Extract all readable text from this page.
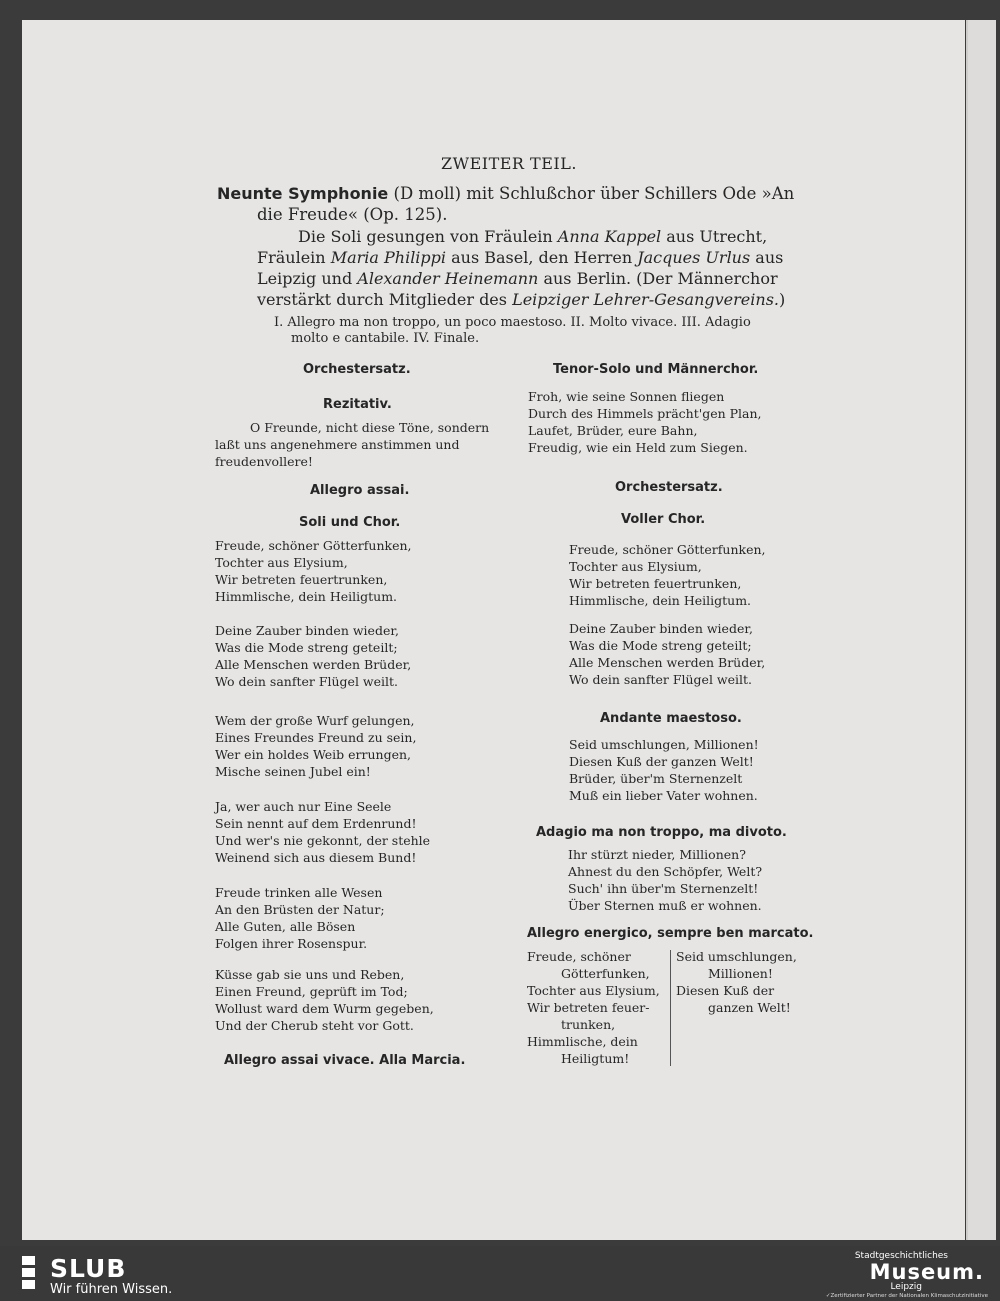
ZWEITER TEIL.
Neunte Symphonie (D moll) mit Schlußchor über Schillers Ode »An
die Freude« (Op. 125).
Die Soli gesungen von Fräulein Anna Kappel aus Utrecht,
Fräulein Maria Philippi aus Basel, den Herren Jacques Urlus aus
Leipzig und Alexander Heinemann aus Berlin. (Der Männerchor
verstärkt durch Mitglieder des Leipziger Lehrer-Gesangvereins.)
I. Allegro ma non troppo, un poco maestoso. II. Molto vivace. III. Adagio
molto e cantabile. IV. Finale.
Orchestersatz.
Rezitativ.
O Freunde, nicht diese Töne, sondern
laßt uns angenehmere anstimmen und
freudenvollere!
Allegro assai.
Soli und Chor.
Freude, schöner Götterfunken,
Tochter aus Elysium,
Wir betreten feuertrunken,
Himmlische, dein Heiligtum.
Deine Zauber binden wieder,
Was die Mode streng geteilt;
Alle Menschen werden Brüder,
Wo dein sanfter Flügel weilt.
Wem der große Wurf gelungen,
Eines Freundes Freund zu sein,
Wer ein holdes Weib errungen,
Mische seinen Jubel ein!
Ja, wer auch nur Eine Seele
Sein nennt auf dem Erdenrund!
Und wer's nie gekonnt, der stehle
Weinend sich aus diesem Bund!
Freude trinken alle Wesen
An den Brüsten der Natur;
Alle Guten, alle Bösen
Folgen ihrer Rosenspur.
Küsse gab sie uns und Reben,
Einen Freund, geprüft im Tod;
Wollust ward dem Wurm gegeben,
Und der Cherub steht vor Gott.
Allegro assai vivace. Alla Marcia.
Tenor-Solo und Männerchor.
Froh, wie seine Sonnen fliegen
Durch des Himmels prächt'gen Plan,
Laufet, Brüder, eure Bahn,
Freudig, wie ein Held zum Siegen.
Orchestersatz.
Voller Chor.
Freude, schöner Götterfunken,
Tochter aus Elysium,
Wir betreten feuertrunken,
Himmlische, dein Heiligtum.
Deine Zauber binden wieder,
Was die Mode streng geteilt;
Alle Menschen werden Brüder,
Wo dein sanfter Flügel weilt.
Andante maestoso.
Seid umschlungen, Millionen!
Diesen Kuß der ganzen Welt!
Brüder, über'm Sternenzelt
Muß ein lieber Vater wohnen.
Adagio ma non troppo, ma divoto.
Ihr stürzt nieder, Millionen?
Ahnest du den Schöpfer, Welt?
Such' ihn über'm Sternenzelt!
Über Sternen muß er wohnen.
Allegro energico, sempre ben marcato.
Freude, schöner
Götterfunken,
Tochter aus Elysium,
Wir betreten feuer-
trunken,
Himmlische, dein
Heiligtum!
Seid umschlungen,
Millionen!
Diesen Kuß der
ganzen Welt!
SLUB
Wir führen Wissen.
Stadtgeschichtliches
Museum.
Leipzig
✓Zertifizierter Partner der Nationalen Klimaschutzinitiative
